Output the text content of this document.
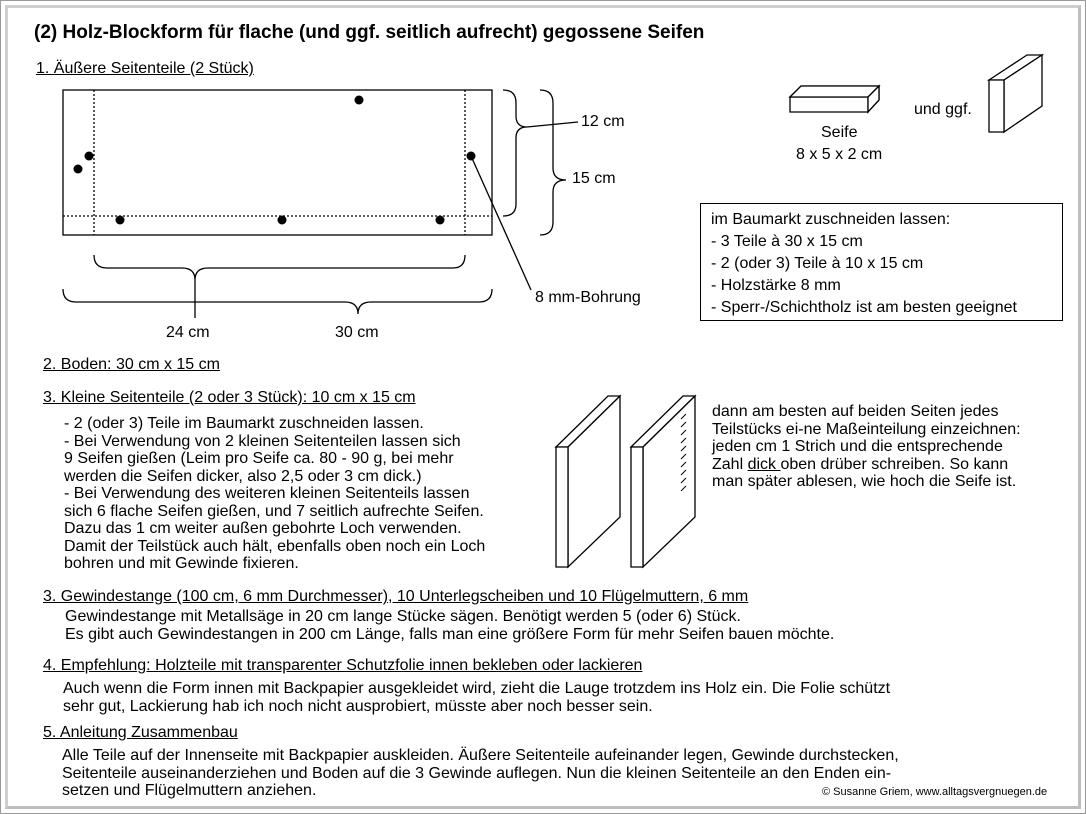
(2) Holz-Blockform für flache (und ggf. seitlich aufrecht) gegossene Seifen
1. Äußere Seitenteile (2 Stück)
12 cm
15 cm
24 cm	30 cm
8 mm-Bohrung
Seife
8 x 5 x 2 cm
und ggf.
im Baumarkt zuschneiden lassen:
- 3 Teile à 30 x 15 cm
- 2 (oder 3) Teile à 10 x 15 cm
- Holzstärke 8 mm
- Sperr-/Schichtholz ist am besten geeignet
2. Boden: 30 cm x 15 cm
3. Kleine Seitenteile (2 oder 3 Stück): 10 cm x 15 cm
- 2 (oder 3) Teile im Baumarkt zuschneiden lassen.
- Bei Verwendung von 2 kleinen Seitenteilen lassen sich
9 Seifen gießen (Leim pro Seife ca. 80 - 90 g, bei mehr
werden die Seifen dicker, also 2,5 oder 3 cm dick.)
- Bei Verwendung des weiteren kleinen Seitenteils lassen
sich 6 flache Seifen gießen, und 7 seitlich aufrechte Seifen.
Dazu das 1 cm weiter außen gebohrte Loch verwenden.
Damit der Teilstück auch hält, ebenfalls oben noch ein Loch
bohren und mit Gewinde fixieren.
dann am besten auf beiden Seiten jedes
Teilstücks ei-ne Maßeinteilung einzeichnen:
jeden cm 1 Strich und die entsprechende
Zahl dick oben drüber schreiben. So kann
man später ablesen, wie hoch die Seife ist.
3. Gewindestange (100 cm, 6 mm Durchmesser), 10 Unterlegscheiben und 10 Flügelmuttern, 6 mm
Gewindestange mit Metallsäge in 20 cm lange Stücke sägen. Benötigt werden 5 (oder 6) Stück.
Es gibt auch Gewindestangen in 200 cm Länge, falls man eine größere Form für mehr Seifen bauen möchte.
4. Empfehlung: Holzteile mit transparenter Schutzfolie innen bekleben oder lackieren
Auch wenn die Form innen mit Backpapier ausgekleidet wird, zieht die Lauge trotzdem ins Holz ein. Die Folie schützt
sehr gut, Lackierung hab ich noch nicht ausprobiert, müsste aber noch besser sein.
5. Anleitung Zusammenbau
Alle Teile auf der Innenseite mit Backpapier auskleiden. Äußere Seitenteile aufeinander legen, Gewinde durchstecken,
Seitenteile auseinanderziehen und Boden auf die 3 Gewinde auflegen. Nun die kleinen Seitenteile an den Enden ein-
setzen und Flügelmuttern anziehen.	© Susanne Griem, www.alltagsvergnuegen.de
